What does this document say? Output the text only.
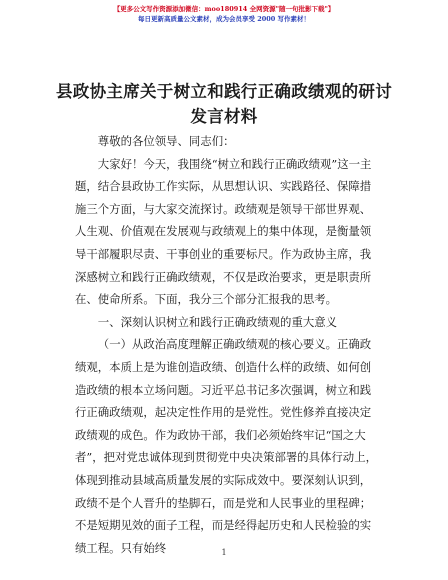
【更多公文写作资源添加微信：moo180914 全网资源"随一句批影下载"】
每日更新高质量公文素材，成为会员享受 2000 写作素材！
县政协主席关于树立和践行正确政绩观的研讨
发言材料

尊敬的各位领导、同志们：

大家好！今天，我围绕“树立和践行正确政绩观”这一主题，结合县政协工作实际，从思想认识、实践路径、保障措施三个方面，与大家交流探讨。政绩观是领导干部世界观、人生观、价值观在发展观与政绩观上的集中体现，是衡量领导干部履职尽责、干事创业的重要标尺。作为政协主席，我深感树立和践行正确政绩观，不仅是政治要求，更是职责所在、使命所系。下面，我分三个部分汇报我的思考。

一、深刻认识树立和践行正确政绩观的重大意义

（一）从政治高度理解正确政绩观的核心要义。正确政绩观，本质上是为谁创造政绩、创造什么样的政绩、如何创造政绩的根本立场问题。习近平总书记多次强调，树立和践行正确政绩观，起决定性作用的是党性。党性修养直接决定政绩观的成色。作为政协干部，我们必须始终牢记“国之大者”，把对党忠诚体现到贯彻党中央决策部署的具体行动上，体现到推动县域高质量发展的实际成效中。要深刻认识到，政绩不是个人晋升的垫脚石，而是党和人民事业的里程碑；不是短期见效的面子工程，而是经得起历史和人民检验的实绩工程。只有始终	1
